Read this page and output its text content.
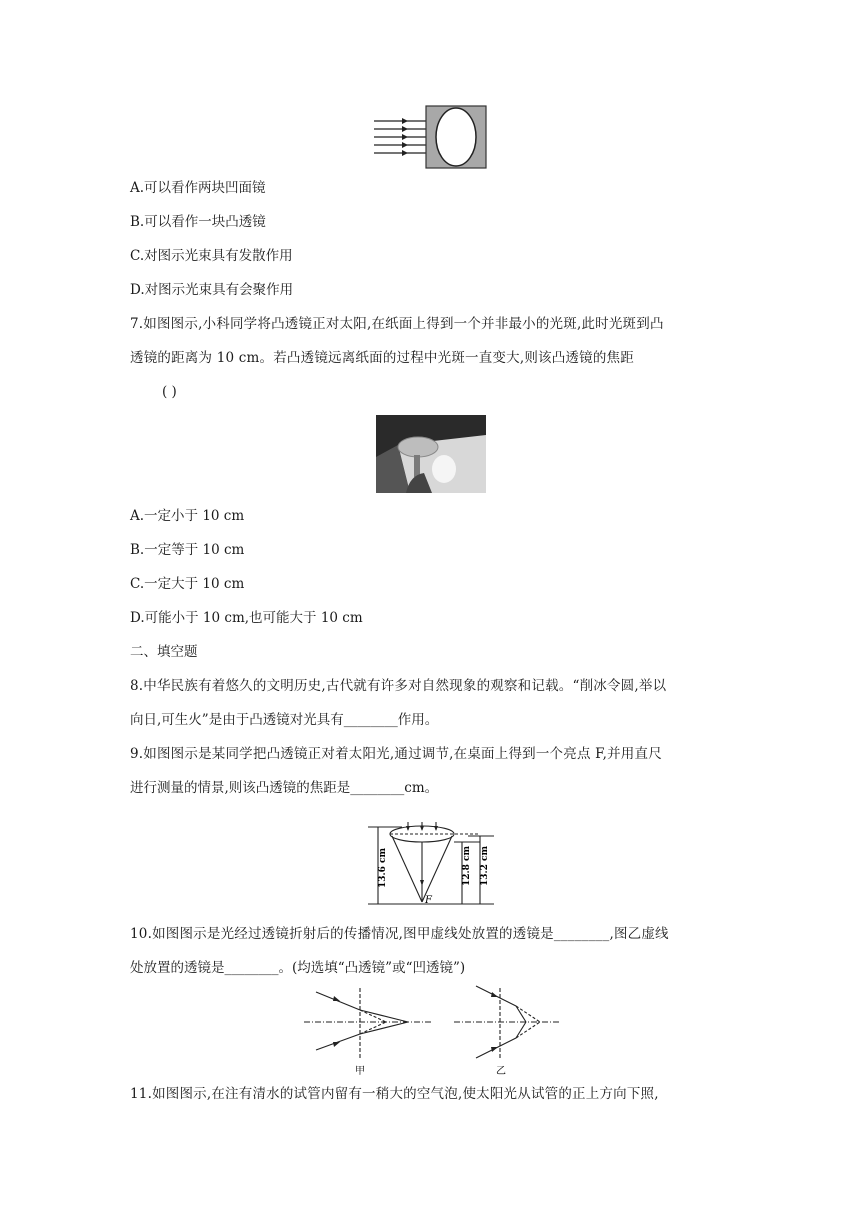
A.可以看作两块凹面镜
B.可以看作一块凸透镜
C.对图示光束具有发散作用
D.对图示光束具有会聚作用
7.如图图示,小科同学将凸透镜正对太阳,在纸面上得到一个并非最小的光斑,此时光斑到凸
透镜的距离为 10 cm。若凸透镜远离纸面的过程中光斑一直变大,则该凸透镜的焦距
( )
A.一定小于 10 cm
B.一定等于 10 cm
C.一定大于 10 cm
D.可能小于 10 cm,也可能大于 10 cm
二、填空题
8.中华民族有着悠久的文明历史,古代就有许多对自然现象的观察和记载。“削冰令圆,举以
向日,可生火”是由于凸透镜对光具有________作用。
9.如图图示是某同学把凸透镜正对着太阳光,通过调节,在桌面上得到一个亮点 F,并用直尺
进行测量的情景,则该凸透镜的焦距是________cm。
13.6 cm	12.8 cm 13.2 cm
F
10.如图图示是光经过透镜折射后的传播情况,图甲虚线处放置的透镜是________,图乙虚线
处放置的透镜是________。(均选填“凸透镜”或“凹透镜”)
甲	乙
11.如图图示,在注有清水的试管内留有一稍大的空气泡,使太阳光从试管的正上方向下照,
